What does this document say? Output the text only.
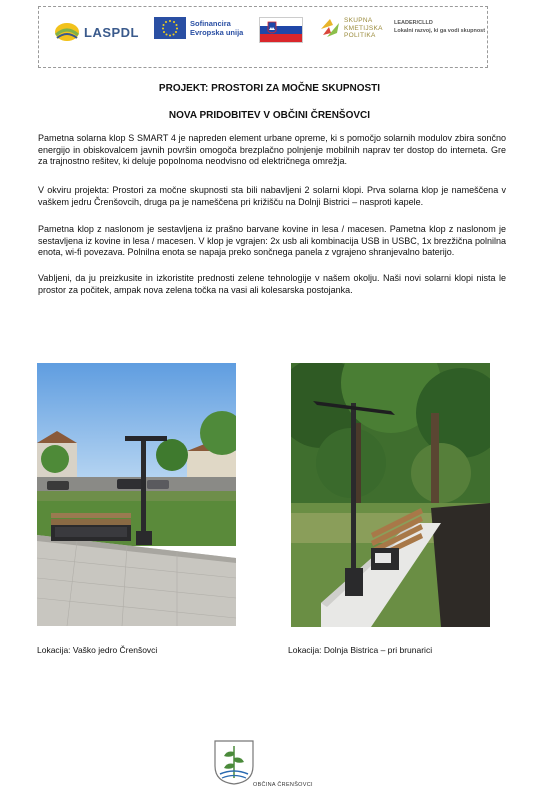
LASPDL
Sofinancira
Evropska unija
SKUPNA
KMETIJSKA
POLITIKA
LEADER/CLLD
Lokalni razvoj, ki ga vodi skupnost
PROJEKT: PROSTORI ZA MOČNE SKUPNOSTI
NOVA PRIDOBITEV V OBČINI ČRENŠOVCI

Pametna solarna klop S SMART 4 je napreden element urbane opreme, ki s pomočjo solarnih modulov zbira sončno energijo in obiskovalcem javnih površin omogoča brezplačno polnjenje mobilnih naprav ter dostop do interneta. Gre za trajnostno rešitev, ki deluje popolnoma neodvisno od električnega omrežja.

V okviru projekta: Prostori za močne skupnosti sta bili nabavljeni 2 solarni klopi. Prva solarna klop je nameščena v vaškem jedru Črenšovcih, druga pa je nameščena pri križišču na Dolnji Bistrici – nasproti kapele.

Pametna klop z naslonom je sestavljena iz prašno barvane kovine in lesa / macesen. Pametna klop z naslonom je sestavljena iz kovine in lesa / macesen. V klop je vgrajen: 2x usb ali kombinacija USB in USBC, 1x brezžična polnilna enota, wi-fi povezava. Polnilna enota se napaja preko sončnega panela z vgrajeno shranjevalno baterijo.

Vabljeni, da ju preizkusite in izkoristite prednosti zelene tehnologije v našem okolju. Naši novi solarni klopi nista le prostor za počitek, ampak nova zelena točka na vasi ali kolesarska postojanka.

Lokacija: Vaško jedro Črenšovci	Lokacija: Dolnja Bistrica – pri brunarici
OBČINA ČRENŠOVCI
